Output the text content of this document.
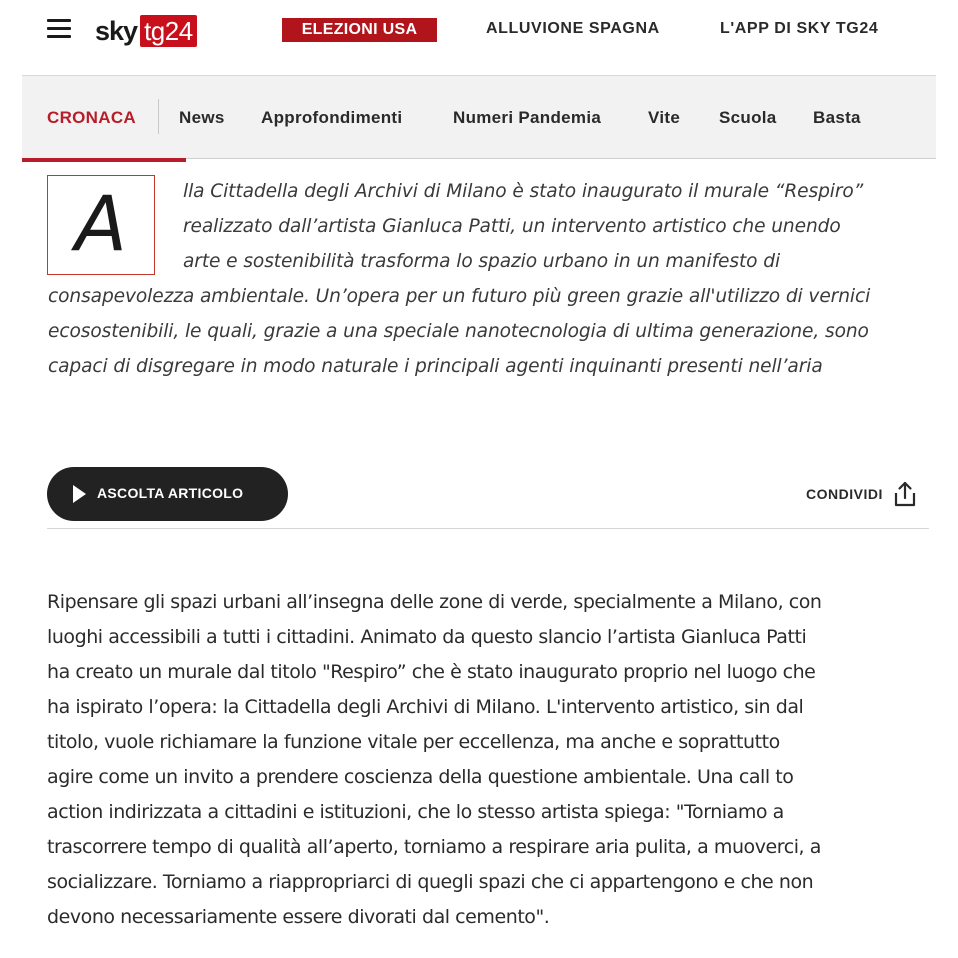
sky tg24	ELEZIONI USA	ALLUVIONE SPAGNA	L'APP DI SKY TG24
CRONACA	News Approfondimenti	Numeri Pandemia	Vite Scuola Basta
A	lla Cittadella degli Archivi di Milano è stato inaugurato il murale “Respiro”
realizzato dall’artista Gianluca Patti, un intervento artistico che unendo
arte e sostenibilità trasforma lo spazio urbano in un manifesto di
consapevolezza ambientale. Un’opera per un futuro più green grazie all'utilizzo di vernici
ecosostenibili, le quali, grazie a una speciale nanotecnologia di ultima generazione, sono
capaci di disgregare in modo naturale i principali agenti inquinanti presenti nell’aria
ASCOLTA ARTICOLO	CONDIVIDI
Ripensare gli spazi urbani all’insegna delle zone di verde, specialmente a Milano, con
luoghi accessibili a tutti i cittadini. Animato da questo slancio l’artista Gianluca Patti
ha creato un murale dal titolo "Respiro” che è stato inaugurato proprio nel luogo che
ha ispirato l’opera: la Cittadella degli Archivi di Milano. L'intervento artistico, sin dal
titolo, vuole richiamare la funzione vitale per eccellenza, ma anche e soprattutto
agire come un invito a prendere coscienza della questione ambientale. Una call to
action indirizzata a cittadini e istituzioni, che lo stesso artista spiega: "Torniamo a
trascorrere tempo di qualità all’aperto, torniamo a respirare aria pulita, a muoverci, a
socializzare. Torniamo a riappropriarci di quegli spazi che ci appartengono e che non
devono necessariamente essere divorati dal cemento".
